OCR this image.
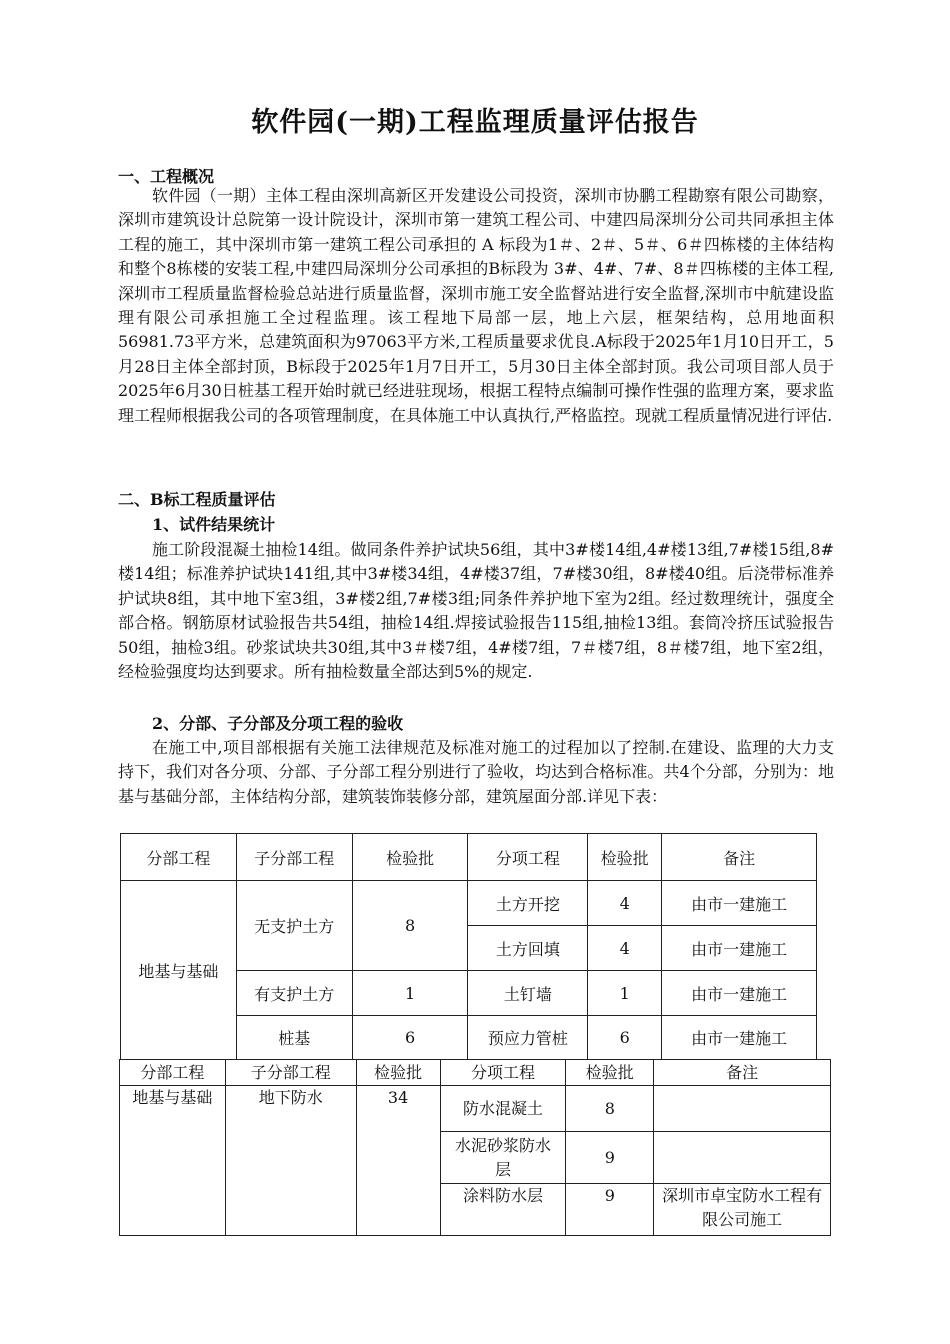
软件园(一期)工程监理质量评估报告
一、工程概况

软件园（一期）主体工程由深圳高新区开发建设公司投资，深圳市协鹏工程勘察有限公司勘察，深圳市建筑设计总院第一设计院设计，深圳市第一建筑工程公司、中建四局深圳分公司共同承担主体工程的施工，其中深圳市第一建筑工程公司承担的 A 标段为1＃、2＃、5＃、6＃四栋楼的主体结构和整个8栋楼的安装工程,中建四局深圳分公司承担的B标段为 3#、4#、7#、8＃四栋楼的主体工程,深圳市工程质量监督检验总站进行质量监督，深圳市施工安全监督站进行安全监督,深圳市中航建设监理有限公司承担施工全过程监理。该工程地下局部一层，地上六层，框架结构，总用地面积 56981.73平方米，总建筑面积为97063平方米,工程质量要求优良.A标段于2025年1月10日开工，5月28日主体全部封顶，B标段于2025年1月7日开工，5月30日主体全部封顶。我公司项目部人员于2025年6月30日桩基工程开始时就已经进驻现场，根据工程特点编制可操作性强的监理方案，要求监理工程师根据我公司的各项管理制度，在具体施工中认真执行,严格监控。现就工程质量情况进行评估.

二、B标工程质量评估
1、试件结果统计

施工阶段混凝土抽检14组。做同条件养护试块56组，其中3#楼14组,4#楼13组,7#楼15组,8#楼14组；标准养护试块141组,其中3#楼34组，4#楼37组，7#楼30组，8#楼40组。后浇带标准养护试块8组，其中地下室3组，3#楼2组,7#楼3组;同条件养护地下室为2组。经过数理统计，强度全部合格。钢筋原材试验报告共54组，抽检14组.焊接试验报告115组,抽检13组。套筒冷挤压试验报告50组，抽检3组。砂浆试块共30组,其中3＃楼7组，4#楼7组，7＃楼7组，8＃楼7组，地下室2组，经检验强度均达到要求。所有抽检数量全部达到5%的规定.

2、分部、子分部及分项工程的验收

在施工中,项目部根据有关施工法律规范及标准对施工的过程加以了控制.在建设、监理的大力支持下，我们对各分项、分部、子分部工程分别进行了验收，均达到合格标准。共4个分部，分别为：地基与基础分部，主体结构分部，建筑装饰装修分部，建筑屋面分部.详见下表：

分部工程	子分部工程	检验批	分项工程	检验批	备注
地基与基础	无支护土方	8	土方开挖	4	由市一建施工
			土方回填	4	由市一建施工
	有支护土方	1	土钉墙	1	由市一建施工
	桩基	6	预应力管桩	6	由市一建施工
分部工程	子分部工程	检验批	分项工程	检验批	备注
地基与基础	地下防水	34	防水混凝土	8	
			水泥砂浆防水层	9	
			涂料防水层	9	深圳市卓宝防水工程有限公司施工
